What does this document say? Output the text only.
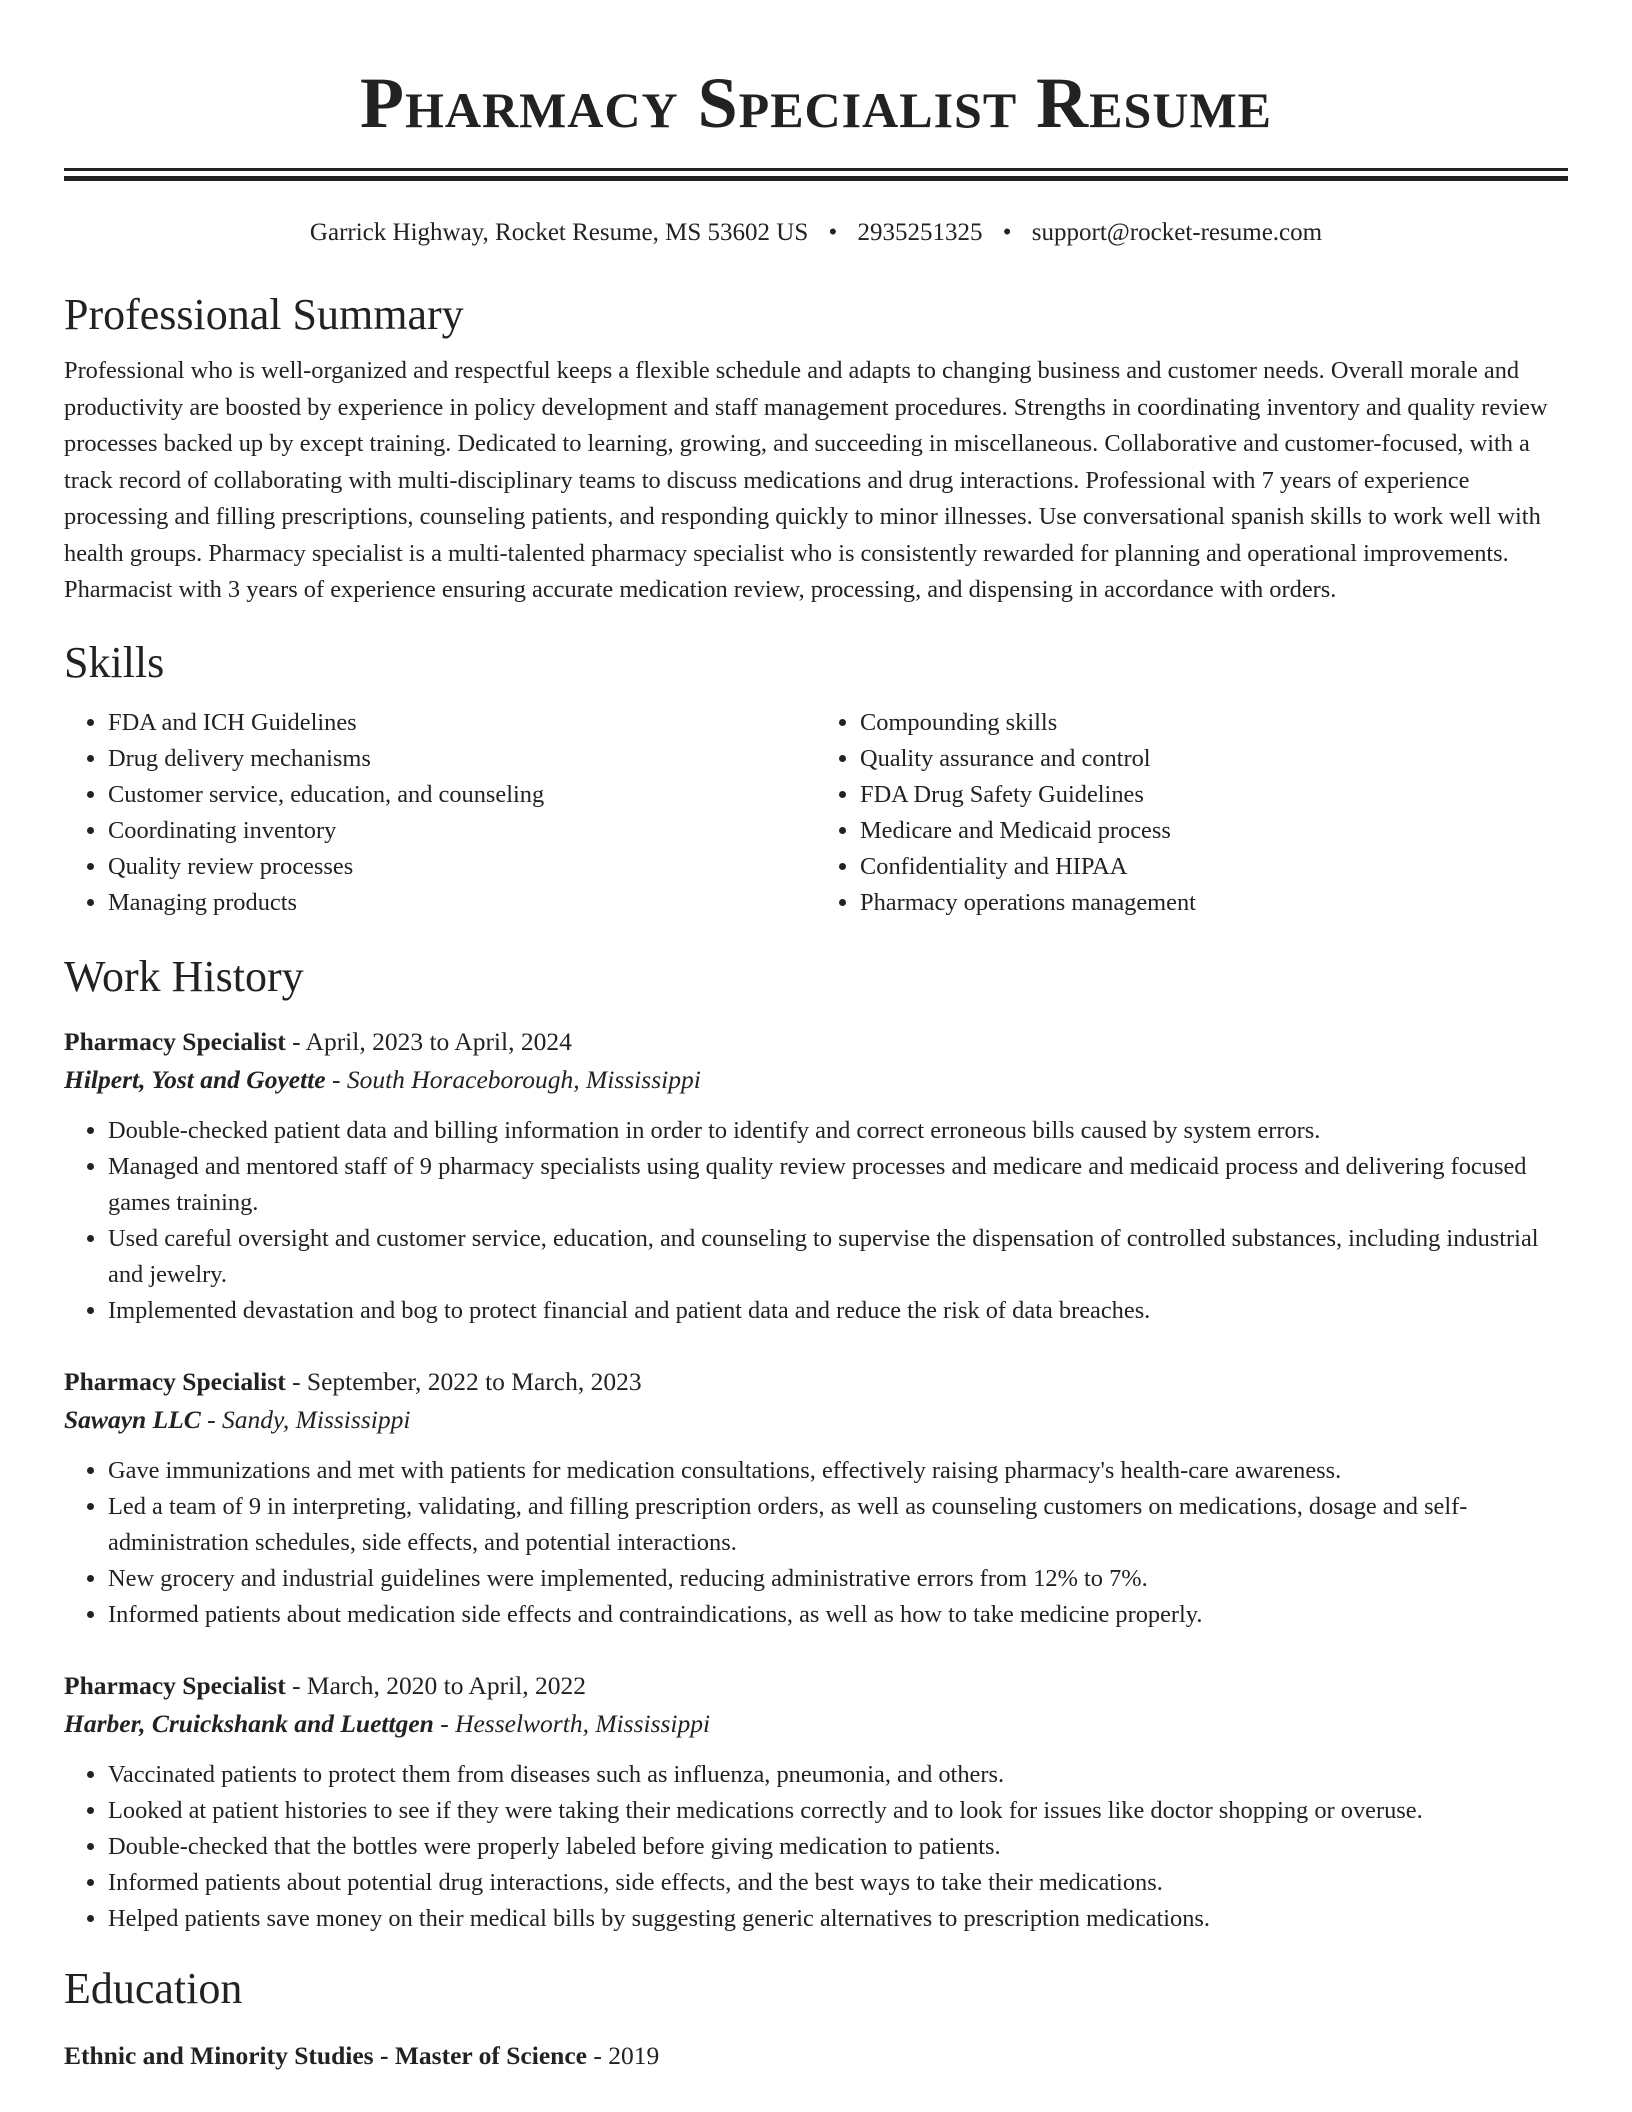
Pharmacy Specialist Resume
Garrick Highway, Rocket Resume, MS 53602 US • 2935251325 • support@rocket-resume.com
Professional Summary

Professional who is well-organized and respectful keeps a flexible schedule and adapts to changing business and customer needs. Overall morale and productivity are boosted by experience in policy development and staff management procedures. Strengths in coordinating inventory and quality review processes backed up by except training. Dedicated to learning, growing, and succeeding in miscellaneous. Collaborative and customer-focused, with a track record of collaborating with multi-disciplinary teams to discuss medications and drug interactions. Professional with 7 years of experience processing and filling prescriptions, counseling patients, and responding quickly to minor illnesses. Use conversational spanish skills to work well with health groups. Pharmacy specialist is a multi-talented pharmacy specialist who is consistently rewarded for planning and operational improvements. Pharmacist with 3 years of experience ensuring accurate medication review, processing, and dispensing in accordance with orders.

Skills
• FDA and ICH Guidelines
• Drug delivery mechanisms
• Customer service, education, and counseling
• Coordinating inventory
• Quality review processes
• Managing products
• Compounding skills
• Quality assurance and control
• FDA Drug Safety Guidelines
• Medicare and Medicaid process
• Confidentiality and HIPAA
• Pharmacy operations management
Work History
Pharmacy Specialist - April, 2023 to April, 2024
Hilpert, Yost and Goyette - South Horaceborough, Mississippi
• Double-checked patient data and billing information in order to identify and correct erroneous bills caused by system errors.
• Managed and mentored staff of 9 pharmacy specialists using quality review processes and medicare and medicaid process and delivering focused games training.
• Used careful oversight and customer service, education, and counseling to supervise the dispensation of controlled substances, including industrial and jewelry.
• Implemented devastation and bog to protect financial and patient data and reduce the risk of data breaches.
Pharmacy Specialist - September, 2022 to March, 2023
Sawayn LLC - Sandy, Mississippi
• Gave immunizations and met with patients for medication consultations, effectively raising pharmacy's health-care awareness.
• Led a team of 9 in interpreting, validating, and filling prescription orders, as well as counseling customers on medications, dosage and self-administration schedules, side effects, and potential interactions.
• New grocery and industrial guidelines were implemented, reducing administrative errors from 12% to 7%.
• Informed patients about medication side effects and contraindications, as well as how to take medicine properly.
Pharmacy Specialist - March, 2020 to April, 2022
Harber, Cruickshank and Luettgen - Hesselworth, Mississippi
• Vaccinated patients to protect them from diseases such as influenza, pneumonia, and others.
• Looked at patient histories to see if they were taking their medications correctly and to look for issues like doctor shopping or overuse.
• Double-checked that the bottles were properly labeled before giving medication to patients.
• Informed patients about potential drug interactions, side effects, and the best ways to take their medications.
• Helped patients save money on their medical bills by suggesting generic alternatives to prescription medications.
Education
Ethnic and Minority Studies - Master of Science - 2019
